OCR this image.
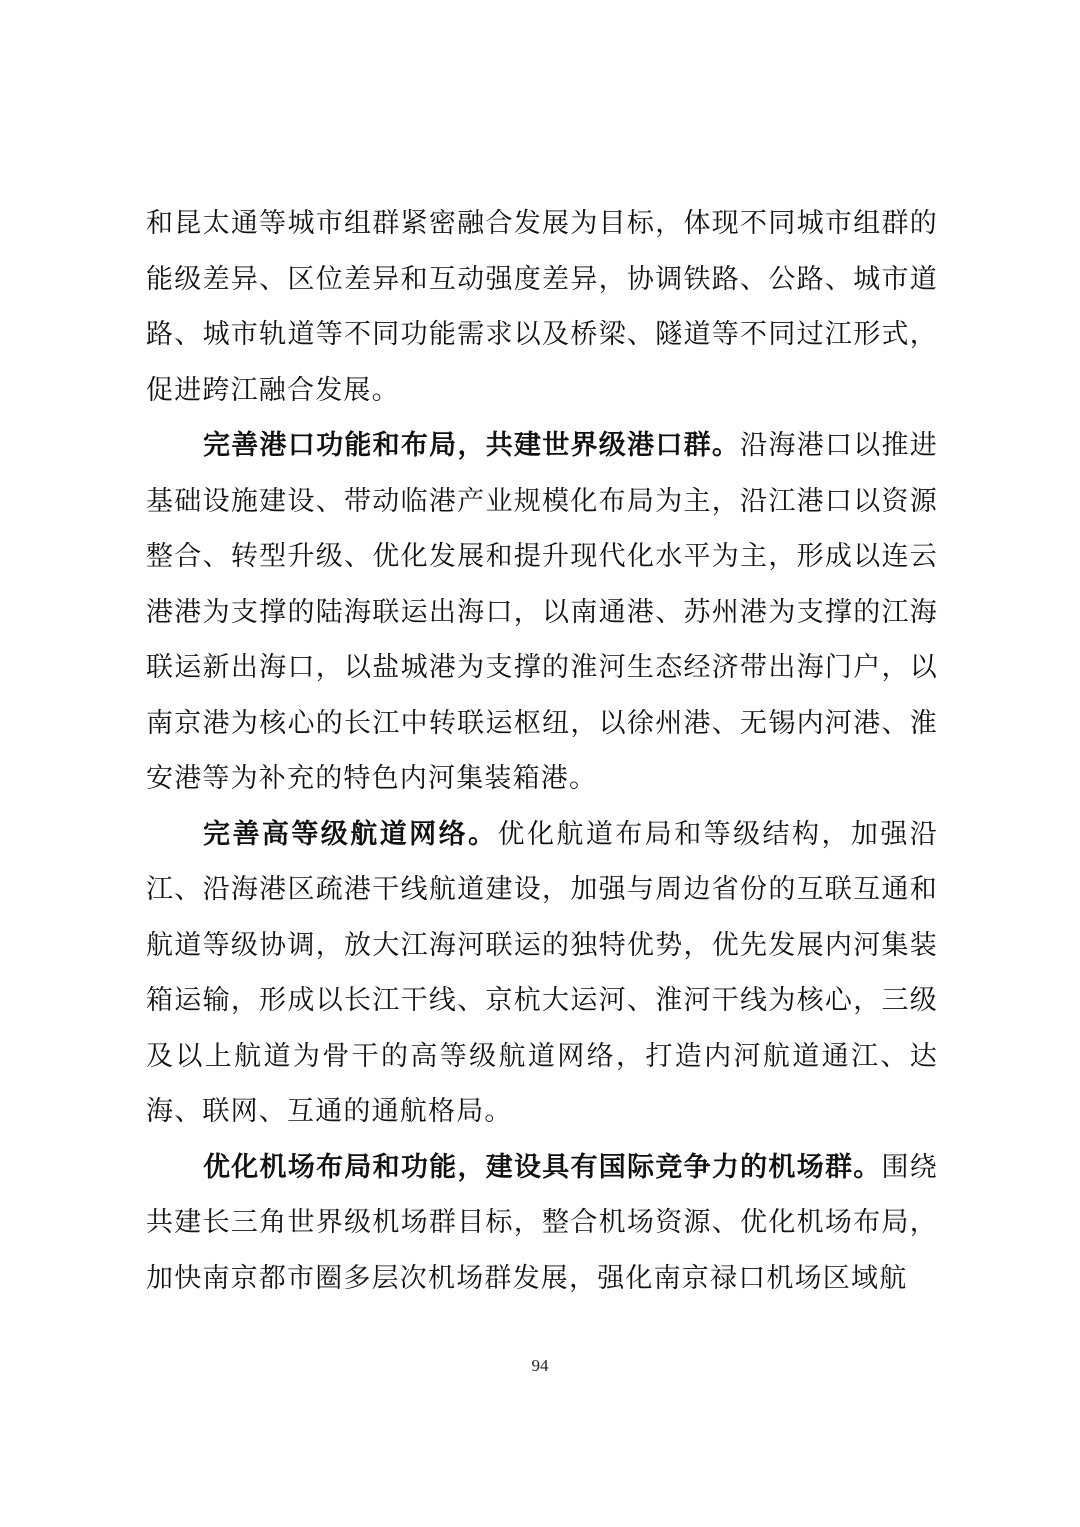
和昆太通等城市组群紧密融合发展为目标，体现不同城市组群的能级差异、区位差异和互动强度差异，协调铁路、公路、城市道路、城市轨道等不同功能需求以及桥梁、隧道等不同过江形式，促进跨江融合发展。

完善港口功能和布局，共建世界级港口群。沿海港口以推进基础设施建设、带动临港产业规模化布局为主，沿江港口以资源整合、转型升级、优化发展和提升现代化水平为主，形成以连云港港为支撑的陆海联运出海口，以南通港、苏州港为支撑的江海联运新出海口，以盐城港为支撑的淮河生态经济带出海门户，以南京港为核心的长江中转联运枢纽，以徐州港、无锡内河港、淮安港等为补充的特色内河集装箱港。

完善高等级航道网络。优化航道布局和等级结构，加强沿江、沿海港区疏港干线航道建设，加强与周边省份的互联互通和航道等级协调，放大江海河联运的独特优势，优先发展内河集装箱运输，形成以长江干线、京杭大运河、淮河干线为核心，三级及以上航道为骨干的高等级航道网络，打造内河航道通江、达海、联网、互通的通航格局。

优化机场布局和功能，建设具有国际竞争力的机场群。围绕共建长三角世界级机场群目标，整合机场资源、优化机场布局，加快南京都市圈多层次机场群发展，强化南京禄口机场区域航

94
